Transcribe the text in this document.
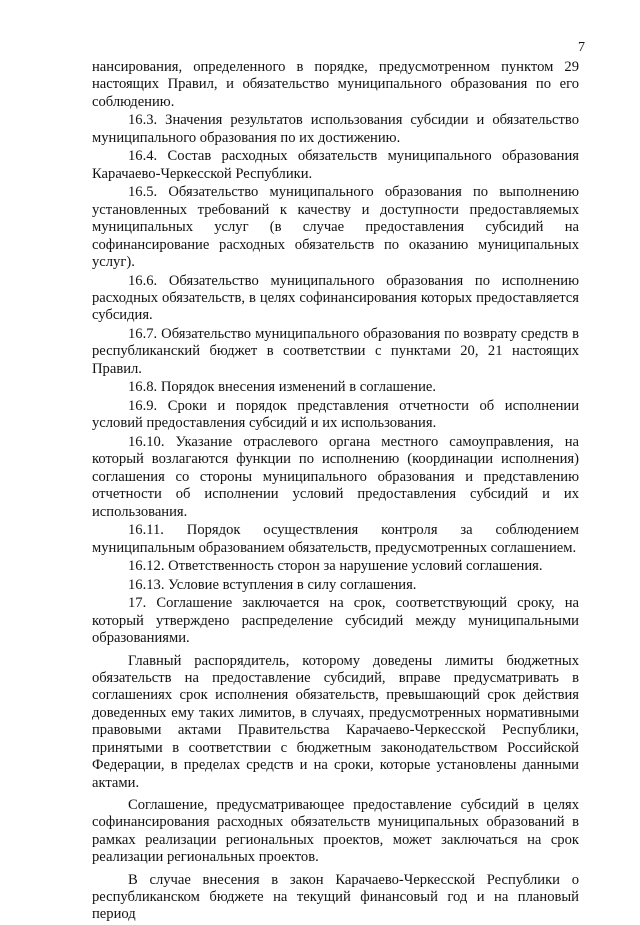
7

нансирования, определенного в порядке, предусмотренном пунктом 29 настоящих Правил, и обязательство муниципального образования по его соблюдению.

16.3. Значения результатов использования субсидии и обязательство муниципального образования по их достижению.

16.4. Состав расходных обязательств муниципального образования Карачаево-Черкесской Республики.

16.5. Обязательство муниципального образования по выполнению установленных требований к качеству и доступности предоставляемых муниципальных услуг (в случае предоставления субсидий на софинансирование расходных обязательств по оказанию муниципальных услуг).

16.6. Обязательство муниципального образования по исполнению расходных обязательств, в целях софинансирования которых предоставляется субсидия.

16.7. Обязательство муниципального образования по возврату средств в республиканский бюджет в соответствии с пунктами 20, 21 настоящих Правил.

16.8. Порядок внесения изменений в соглашение.

16.9. Сроки и порядок представления отчетности об исполнении условий предоставления субсидий и их использования.

16.10. Указание отраслевого органа местного самоуправления, на который возлагаются функции по исполнению (координации исполнения) соглашения со стороны муниципального образования и представлению отчетности об исполнении условий предоставления субсидий и их использования.

16.11. Порядок осуществления контроля за соблюдением муниципальным образованием обязательств, предусмотренных соглашением.

16.12. Ответственность сторон за нарушение условий соглашения.

16.13. Условие вступления в силу соглашения.

17. Соглашение заключается на срок, соответствующий сроку, на который утверждено распределение субсидий между муниципальными образованиями.

Главный распорядитель, которому доведены лимиты бюджетных обязательств на предоставление субсидий, вправе предусматривать в соглашениях срок исполнения обязательств, превышающий срок действия доведенных ему таких лимитов, в случаях, предусмотренных нормативными правовыми актами Правительства Карачаево-Черкесской Республики, принятыми в соответствии с бюджетным законодательством Российской Федерации, в пределах средств и на сроки, которые установлены данными актами.

Соглашение, предусматривающее предоставление субсидий в целях софинансирования расходных обязательств муниципальных образований в рамках реализации региональных проектов, может заключаться на срок реализации региональных проектов.

В случае внесения в закон Карачаево-Черкесской Республики о республиканском бюджете на текущий финансовый год и на плановый период
